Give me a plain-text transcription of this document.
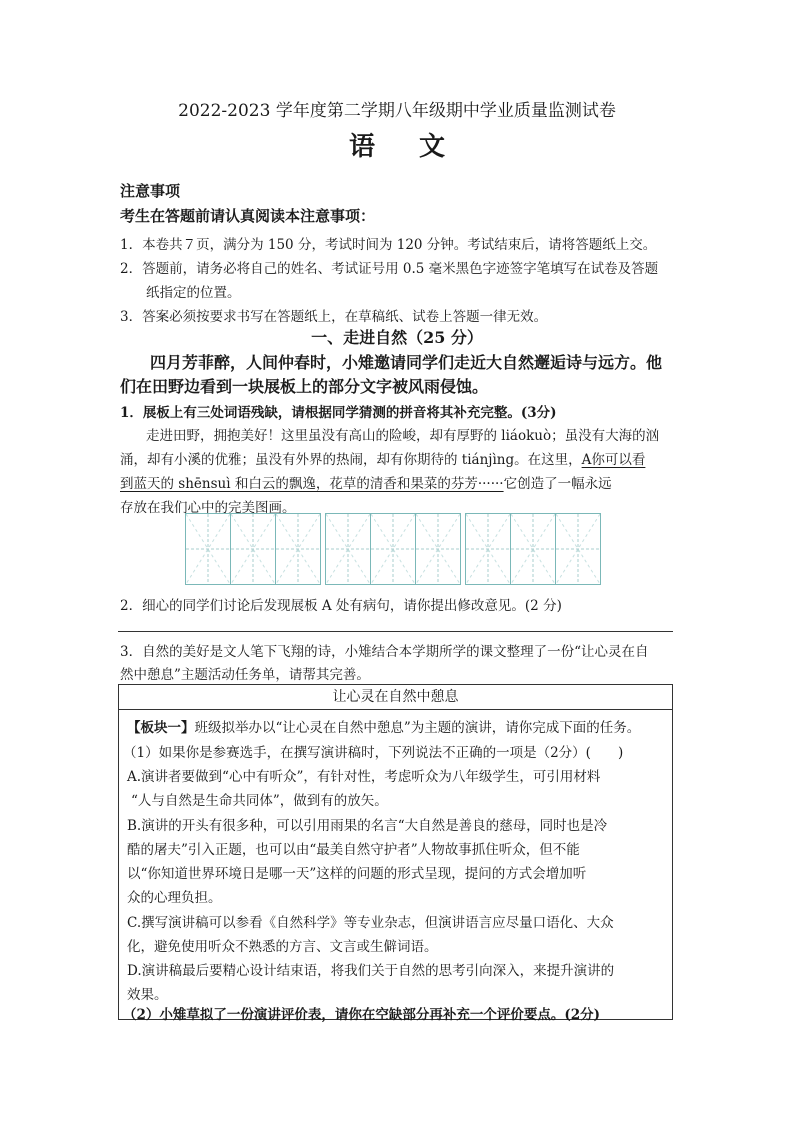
2022-2023 学年度第二学期八年级期中学业质量监测试卷
语文
注意事项
考生在答题前请认真阅读本注意事项：
1．本卷共７页，满分为 150 分，考试时间为 120 分钟。考试结束后，请将答题纸上交。
2．答题前，请务必将自己的姓名、考试证号用 0.5 毫米黑色字迹签字笔填写在试卷及答题
纸指定的位置。
3．答案必须按要求书写在答题纸上，在草稿纸、试卷上答题一律无效。
一、走进自然（25 分）
四月芳菲醉，人间仲春时，小雉邀请同学们走近大自然邂逅诗与远方。他
们在田野边看到一块展板上的部分文字被风雨侵蚀。
1．展板上有三处词语残缺，请根据同学猜测的拼音将其补充完整。(3分)
走进田野，拥抱美好！这里虽没有高山的险峻，却有厚野的 liáokuò；虽没有大海的汹
涌，却有小溪的优雅；虽没有外界的热闹，却有你期待的 tiánjìng。在这里，A你可以看
到蓝天的 shēnsuì 和白云的飘逸，花草的清香和果菜的芬芳······它创造了一幅永远
存放在我们心中的完美图画。
2．细心的同学们讨论后发现展板 A 处有病句，请你提出修改意见。(2 分)
3．自然的美好是文人笔下飞翔的诗，小雉结合本学期所学的课文整理了一份“让心灵在自
然中憩息”主题活动任务单，请帮其完善。
让心灵在自然中憩息
【板块一】班级拟举办以“让心灵在自然中憩息”为主题的演讲，请你完成下面的任务。
（1）如果你是参赛选手，在撰写演讲稿时，下列说法不正确的一项是（2分）(　　)
A.演讲者要做到“心中有听众”，有针对性，考虑听众为八年级学生，可引用材料
“人与自然是生命共同体”，做到有的放矢。
B.演讲的开头有很多种，可以引用雨果的名言“大自然是善良的慈母，同时也是冷
酷的屠夫”引入正题，也可以由“最美自然守护者”人物故事抓住听众，但不能
以“你知道世界环境日是哪一天”这样的问题的形式呈现，提问的方式会增加听
众的心理负担。
C.撰写演讲稿可以参看《自然科学》等专业杂志，但演讲语言应尽量口语化、大众
化，避免使用听众不熟悉的方言、文言或生僻词语。
D.演讲稿最后要精心设计结束语，将我们关于自然的思考引向深入，来提升演讲的
效果。
（2）小雉草拟了一份演讲评价表，请你在空缺部分再补充一个评价要点。(2分)
